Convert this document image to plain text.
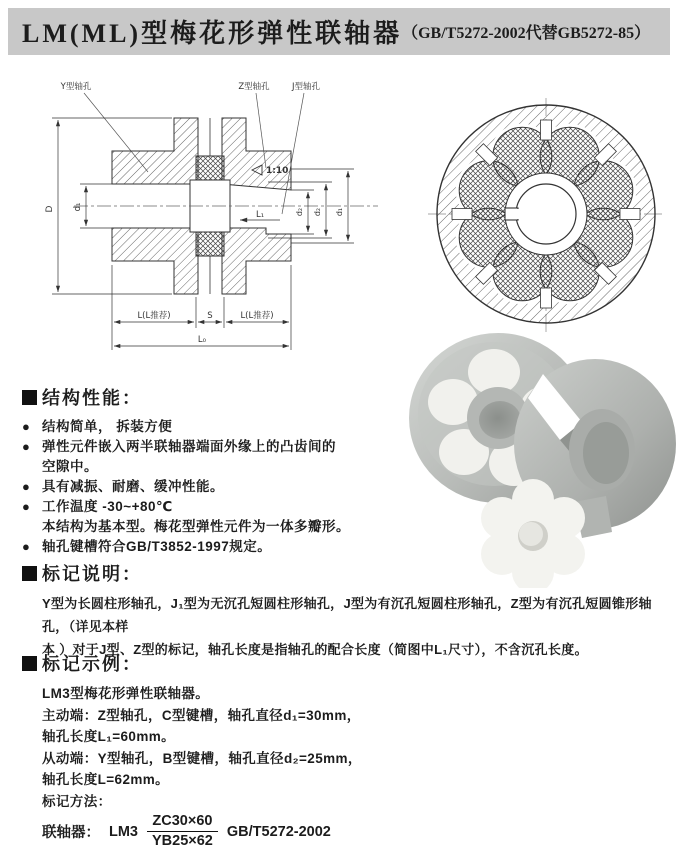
LM(ML)型梅花形弹性联轴器 （GB/T5272-2002代替GB5272-85）
Y型轴孔	Z型轴孔	J型轴孔
1:10
L₁
D d₁
d₂ d₂ d₁
L(L推荐)	S	L(L推荐)
L₀
结构性能：
● 结构简单， 拆装方便
● 弹性元件嵌入两半联轴器端面外缘上的凸齿间的
空隙中。
● 具有减振、耐磨、缓冲性能。
● 工作温度 -30~+80℃
本结构为基本型。梅花型弹性元件为一体多瓣形。
● 轴孔键槽符合GB/T3852-1997规定。
标记说明：
Y型为长圆柱形轴孔，J₁型为无沉孔短圆柱形轴孔，J型为有沉孔短圆柱形轴孔，Z型为有沉孔短圆锥形轴孔，（详见本样
本 ）对于J型、Z型的标记，轴孔长度是指轴孔的配合长度（简图中L₁尺寸），不含沉孔长度。
标记示例：
LM3型梅花形弹性联轴器。
主动端：Z型轴孔，C型键槽，轴孔直径d₁=30mm，
轴孔长度L₁=60mm。
从动端：Y型轴孔，B型键槽，轴孔直径d₂=25mm，
轴孔长度L=62mm。
标记方法：
联轴器： $LM3 \frac{ZC30\times 60}{YB25\times 62} GB/T5272-2002$
